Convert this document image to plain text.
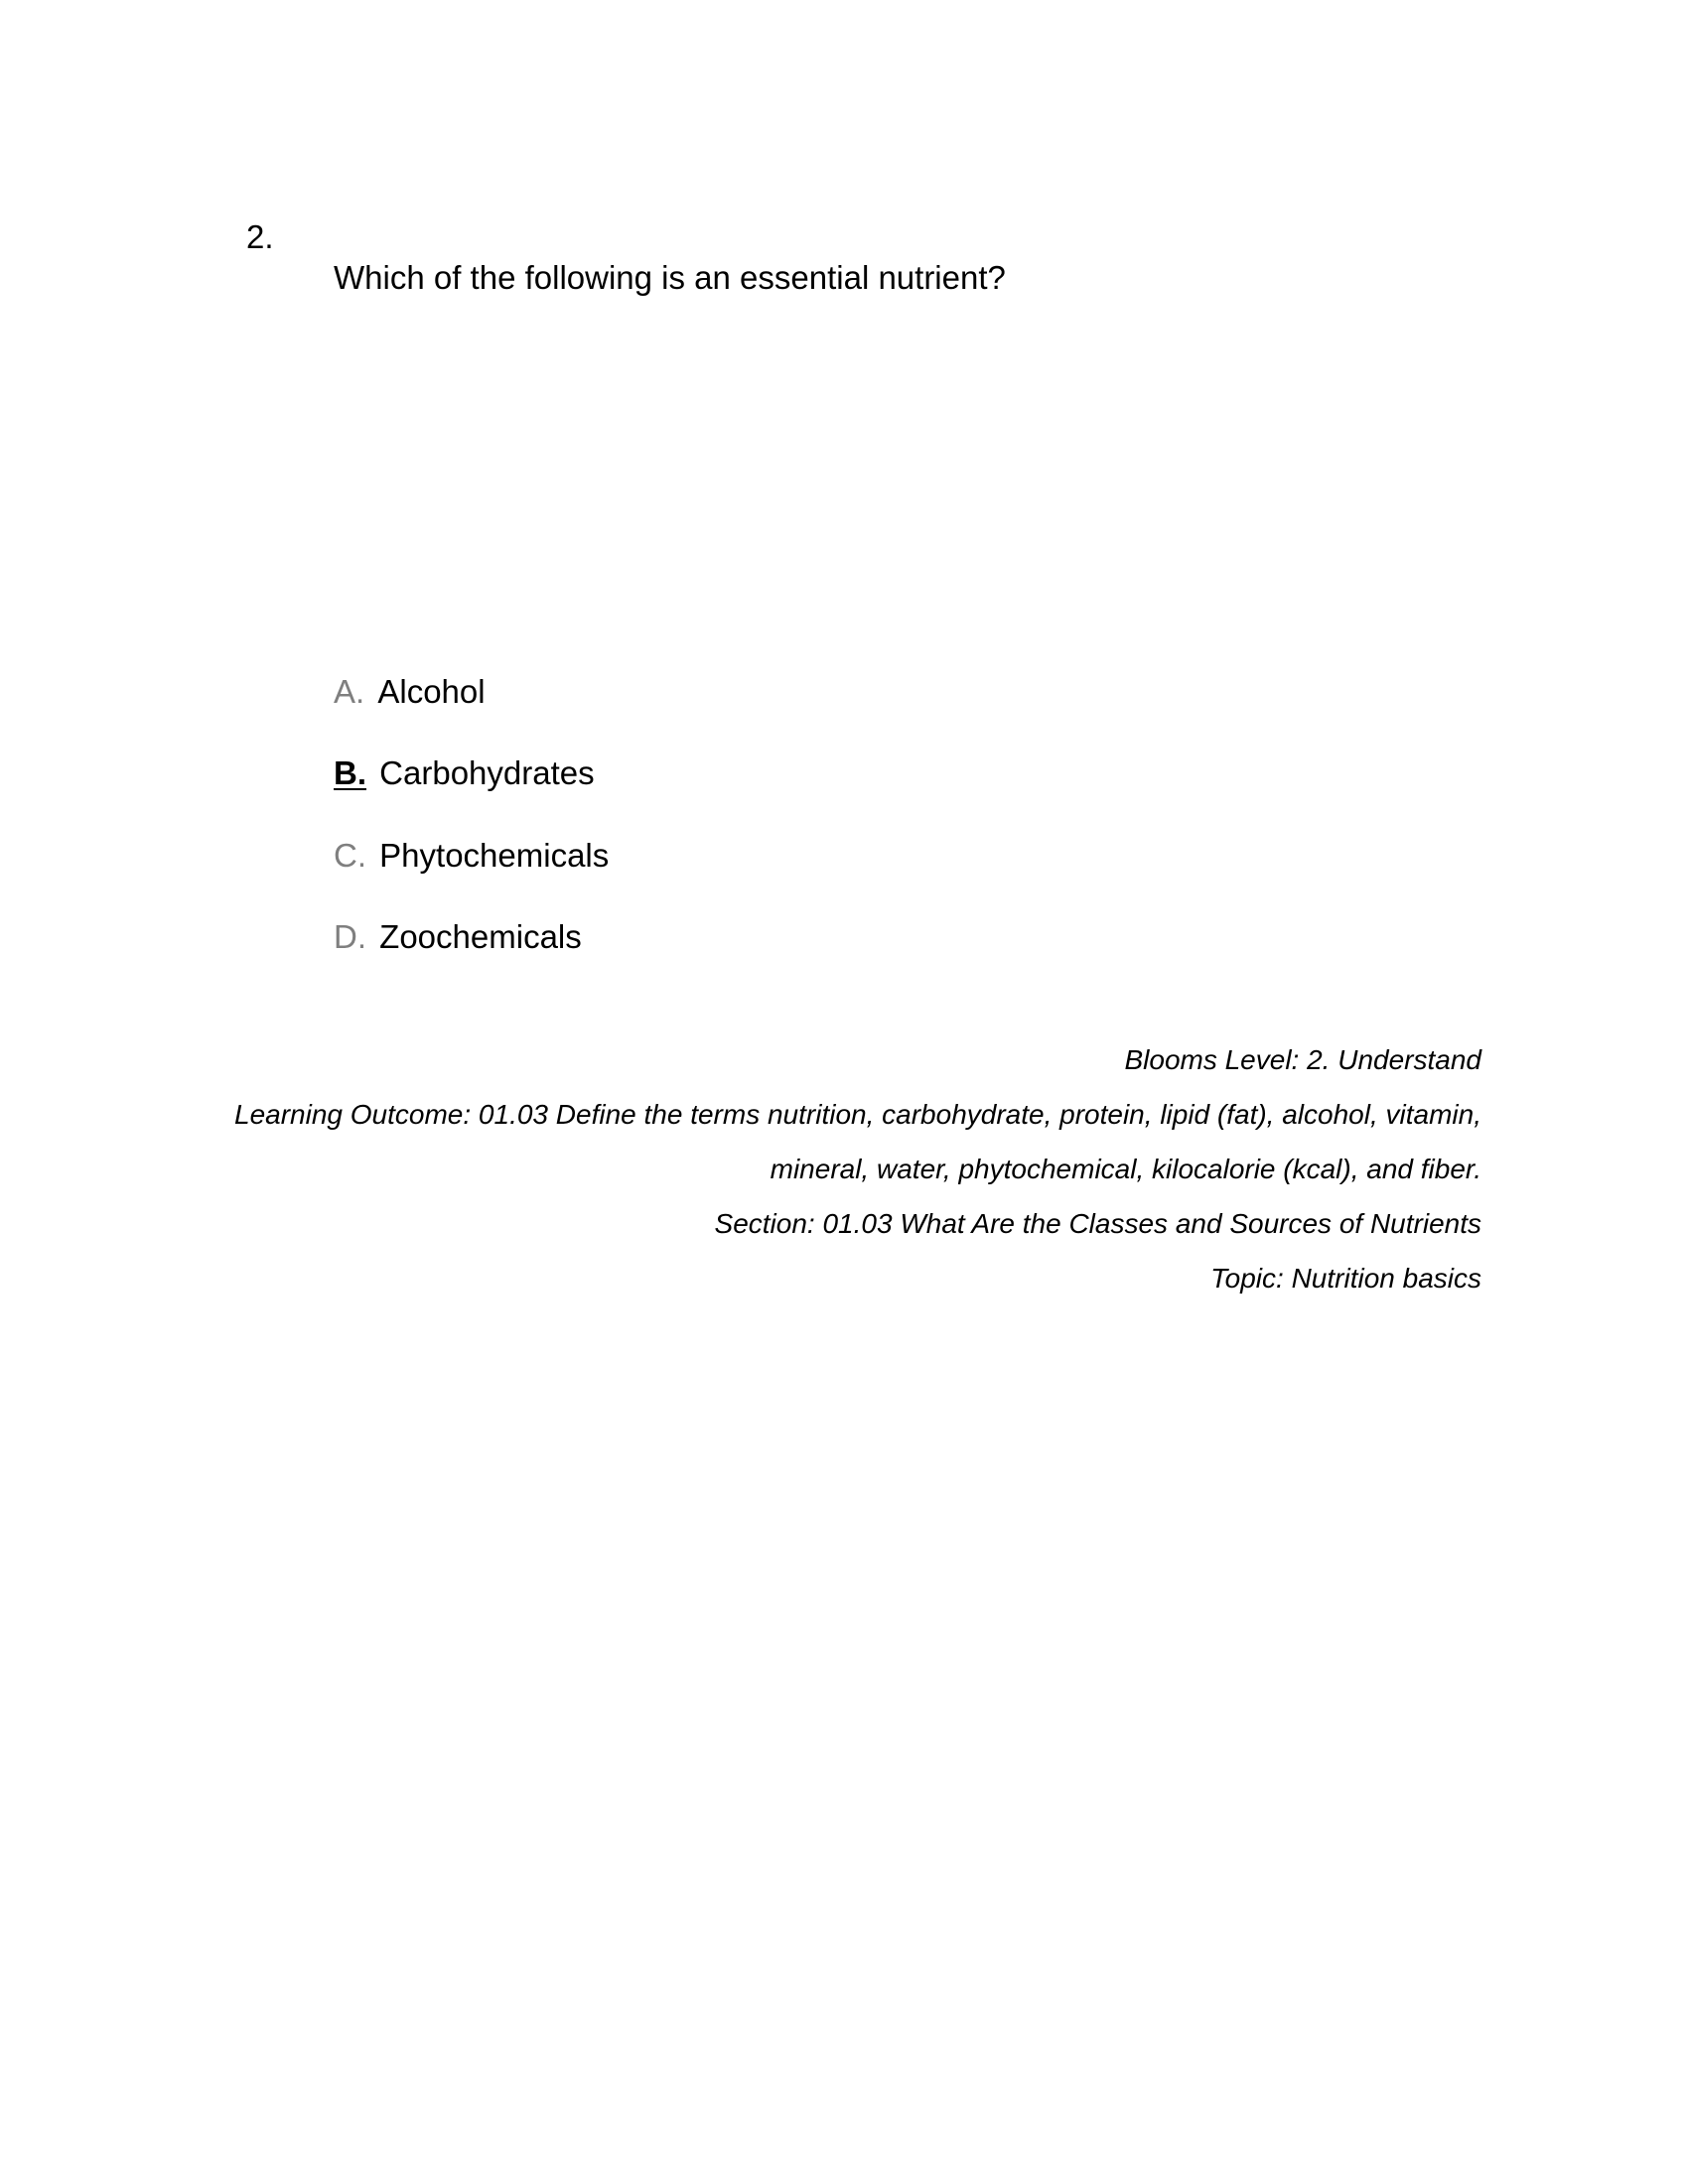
2.
Which of the following is an essential nutrient?
A. Alcohol
B. Carbohydrates
C. Phytochemicals
D. Zoochemicals
Blooms Level: 2. Understand
Learning Outcome: 01.03 Define the terms nutrition, carbohydrate, protein, lipid (fat), alcohol, vitamin,
mineral, water, phytochemical, kilocalorie (kcal), and fiber.
Section: 01.03 What Are the Classes and Sources of Nutrients
Topic: Nutrition basics
